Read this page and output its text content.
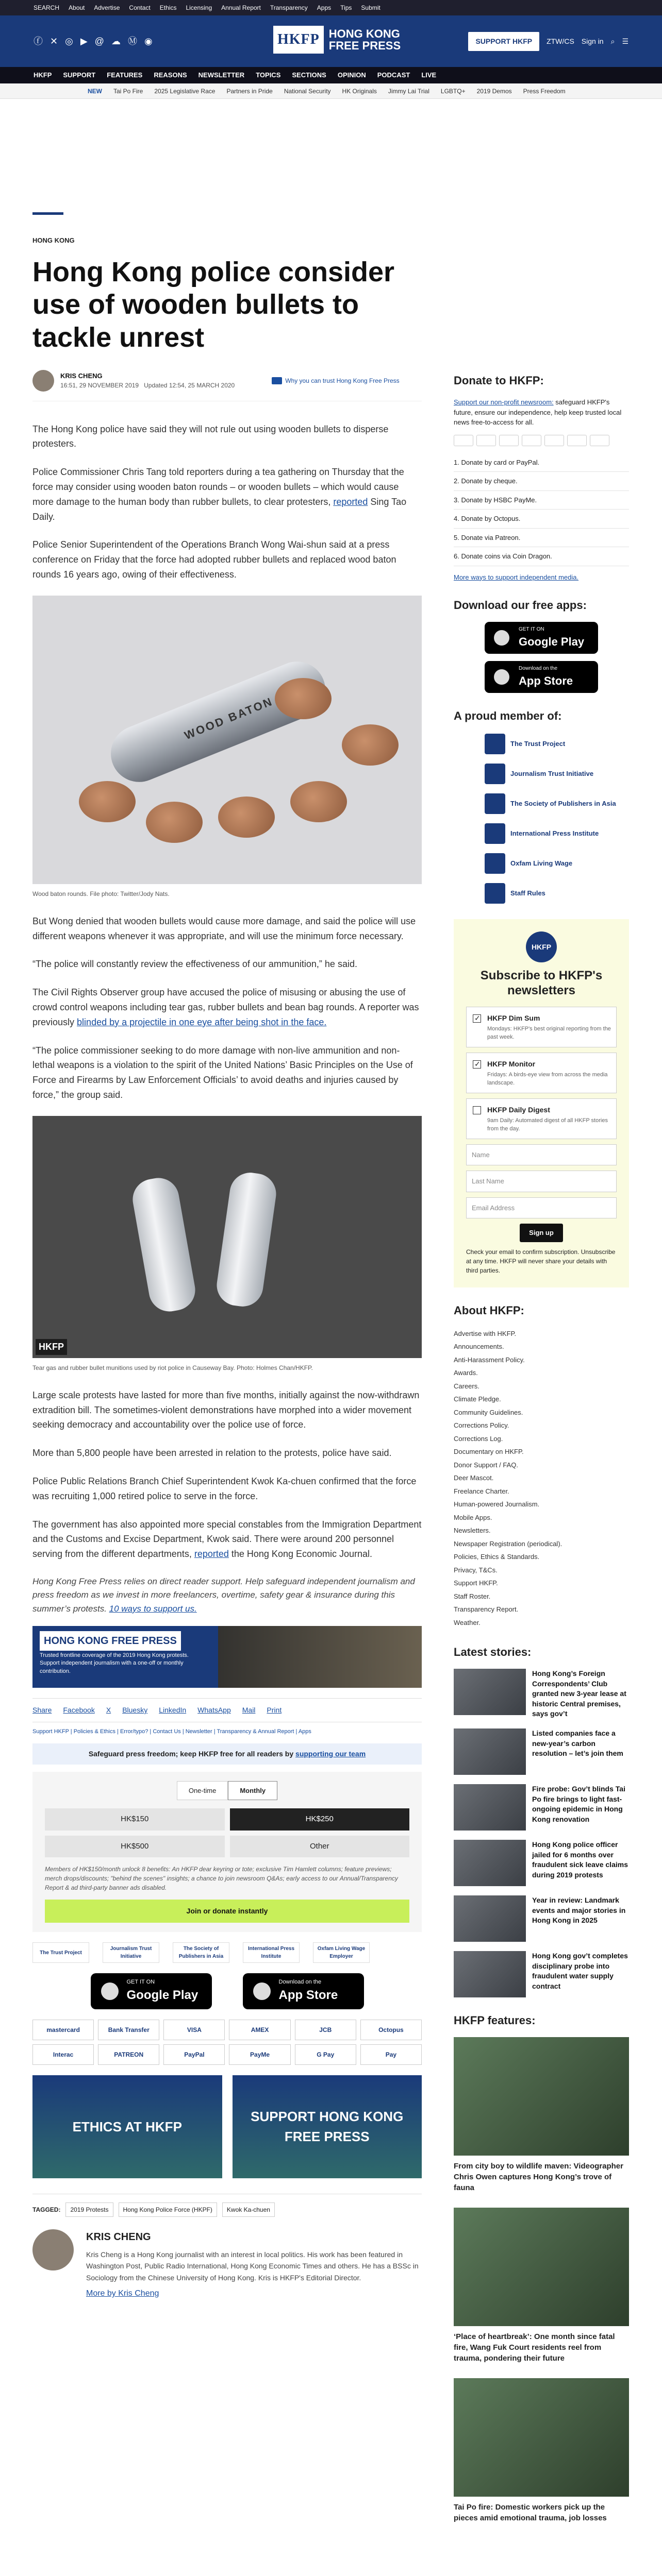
SEARCH About Advertise Contact Ethics Licensing Annual Report Transparency Apps Tips Submit
ⓕ ✕ ◎ ▶ @ ☁ Ⓜ ◉	HKFP HONG KONG
FREE PRESS	SUPPORT HKFP	ZTW/CS Sign in ⌕ ☰
HKFP SUPPORT FEATURES REASONS NEWSLETTER TOPICS SECTIONS OPINION PODCAST LIVE
NEW Tai Po Fire 2025 Legislative Race Partners in Pride National Security HK Originals Jimmy Lai Trial LGBTQ+ 2019 Demos Press Freedom
HONG KONG
Hong Kong police consider use of wooden bullets to tackle unrest
KRIS CHENG
16:51, 29 NOVEMBER 2019 Updated 12:54, 25 MARCH 2020
Why you can trust Hong Kong Free Press

The Hong Kong police have said they will not rule out using wooden bullets to disperse protesters.

Police Commissioner Chris Tang told reporters during a tea gathering on Thursday that the force may consider using wooden baton rounds – or wooden bullets – which would cause more damage to the human body than rubber bullets, to clear protesters, reported Sing Tao Daily.

Police Senior Superintendent of the Operations Branch Wong Wai-shun said at a press conference on Friday that the force had adopted rubber bullets and replaced wood baton rounds 16 years ago, owing of their effectiveness.

WOOD BATON
Wood baton rounds. File photo: Twitter/Jody Nats.

But Wong denied that wooden bullets would cause more damage, and said the police will use different weapons whenever it was appropriate, and will use the minimum force necessary.

“The police will constantly review the effectiveness of our ammunition,” he said.

The Civil Rights Observer group have accused the police of misusing or abusing the use of crowd control weapons including tear gas, rubber bullets and bean bag rounds. A reporter was previously blinded by a projectile in one eye after being shot in the face.

“The police commissioner seeking to do more damage with non-live ammunition and non-lethal weapons is a violation to the spirit of the United Nations’ Basic Principles on the Use of Force and Firearms by Law Enforcement Officials’ to avoid deaths and injuries caused by force,” the group said.

HKFP
Tear gas and rubber bullet munitions used by riot police in Causeway Bay. Photo: Holmes Chan/HKFP.

Large scale protests have lasted for more than five months, initially against the now-withdrawn extradition bill. The sometimes-violent demonstrations have morphed into a wider movement seeking democracy and accountability over the police use of force.

More than 5,800 people have been arrested in relation to the protests, police have said.

Police Public Relations Branch Chief Superintendent Kwok Ka-chuen confirmed that the force was recruiting 1,000 retired police to serve in the force.

The government has also appointed more special constables from the Immigration Department and the Customs and Excise Department, Kwok said. There were around 200 personnel serving from the different departments, reported the Hong Kong Economic Journal.

Hong Kong Free Press relies on direct reader support. Help safeguard independent journalism and press freedom as we invest in more freelancers, overtime, safety gear & insurance during this summer’s protests. 10 ways to support us.

HONG KONG FREE PRESS
Trusted frontline coverage of the 2019 Hong Kong protests. Support independent journalism with a one-off or monthly contribution.
Share Facebook X Bluesky LinkedIn WhatsApp Mail Print
Support HKFP | Policies & Ethics | Error/typo? | Contact Us | Newsletter | Transparency & Annual Report | Apps
Safeguard press freedom; keep HKFP free for all readers by supporting our team
One-time	Monthly
HK$150	HK$250
HK$500	Other
Members of HK$150/month unlock 8 benefits: An HKFP dear keyring or tote; exclusive Tim Hamlett columns; feature previews; merch drops/discounts; "behind the scenes" insights; a chance to join newsroom Q&As; early access to our Annual/Transparency Report & ad third-party banner ads disabled.
Join or donate instantly
The Trust Project
Journalism Trust Initiative
The Society of Publishers in Asia
International Press Institute
Oxfam Living Wage Employer
GET IT ON
Google Play
Download on the
App Store
mastercard	Bank Transfer	VISA	AMEX	JCB	Octopus
Interac	PATREON	PayPal	PayMe	G Pay	Pay
ETHICS AT HKFP
SUPPORT HONG KONG FREE PRESS
TAGGED:	2019 Protests	Hong Kong Police Force (HKPF)	Kwok Ka-chuen
KRIS CHENG

Kris Cheng is a Hong Kong journalist with an interest in local politics. His work has been featured in Washington Post, Public Radio International, Hong Kong Economic Times and others. He has a BSSc in Sociology from the Chinese University of Hong Kong. Kris is HKFP's Editorial Director.

More by Kris Cheng
Donate to HKFP:

Support our non-profit newsroom: safeguard HKFP's future, ensure our independence, help keep trusted local news free-to-access for all.

1. Donate by card or PayPal.
2. Donate by cheque.
3. Donate by HSBC PayMe.
4. Donate by Octopus.
5. Donate via Patreon.
6. Donate coins via Coin Dragon.

More ways to support independent media.

Download our free apps:
GET IT ON
Google Play
Download on the
App Store
A proud member of:
The Trust Project
Journalism Trust Initiative
The Society of Publishers in Asia
International Press Institute
Oxfam Living Wage
Staff Rules
HKFP
Subscribe to HKFP's newsletters
✓
HKFP Dim Sum
Mondays: HKFP's best original reporting from the past week.
✓
HKFP Monitor
Fridays: A birds-eye view from across the media landscape.
HKFP Daily Digest
9am Daily: Automated digest of all HKFP stories from the day.
Name
Last Name
Email Address
Sign up
Check your email to confirm subscription. Unsubscribe at any time. HKFP will never share your details with third parties.
About HKFP:
Advertise with HKFP.
Announcements.
Anti-Harassment Policy.
Awards.
Careers.
Climate Pledge.
Community Guidelines.
Corrections Policy.
Corrections Log.
Documentary on HKFP.
Donor Support / FAQ.
Deer Mascot.
Freelance Charter.
Human-powered Journalism.
Mobile Apps.
Newsletters.
Newspaper Registration (periodical).
Policies, Ethics & Standards.
Privacy, T&Cs.
Support HKFP.
Staff Roster.
Transparency Report.
Weather.
Latest stories:
Hong Kong’s Foreign Correspondents’ Club granted new 3-year lease at historic Central premises, says gov’t
Listed companies face a new-year’s carbon resolution – let’s join them
Fire probe: Gov’t blinds Tai Po fire brings to light fast-ongoing epidemic in Hong Kong renovation
Hong Kong police officer jailed for 6 months over fraudulent sick leave claims during 2019 protests
Year in review: Landmark events and major stories in Hong Kong in 2025
Hong Kong gov’t completes disciplinary probe into fraudulent water supply contract
HKFP features:
From city boy to wildlife maven: Videographer Chris Owen captures Hong Kong’s trove of fauna
‘Place of heartbreak’: One month since fatal fire, Wang Fuk Court residents reel from trauma, pondering their future
Tai Po fire: Domestic workers pick up the pieces amid emotional trauma, job losses
